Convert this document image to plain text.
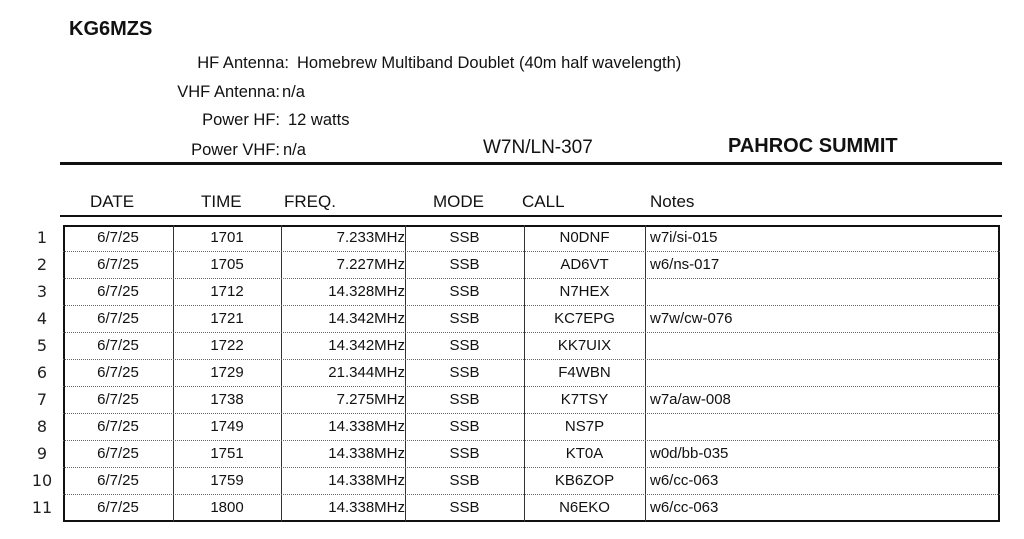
KG6MZS
HF Antenna: Homebrew Multiband Doublet (40m half wavelength)
VHF Antenna: n/a
Power HF: 12 watts
Power VHF: n/a	W7N/LN-307	PAHROC SUMMIT
DATE	TIME FREQ.	MODE CALL	Notes
1	6/7/25	1701	7.233MHz	SSB	N0DNF	w7i/si-015
2	6/7/25	1705	7.227MHz	SSB	AD6VT	w6/ns-017
3	6/7/25	1712	14.328MHz	SSB	N7HEX
4	6/7/25	1721	14.342MHz	SSB	KC7EPG	w7w/cw-076
5	6/7/25	1722	14.342MHz	SSB	KK7UIX
6	6/7/25	1729	21.344MHz	SSB	F4WBN
7	6/7/25	1738	7.275MHz	SSB	K7TSY	w7a/aw-008
8	6/7/25	1749	14.338MHz	SSB	NS7P
9	6/7/25	1751	14.338MHz	SSB	KT0A	w0d/bb-035
10	6/7/25	1759	14.338MHz	SSB	KB6ZOP	w6/cc-063
11	6/7/25	1800	14.338MHz	SSB	N6EKO	w6/cc-063
